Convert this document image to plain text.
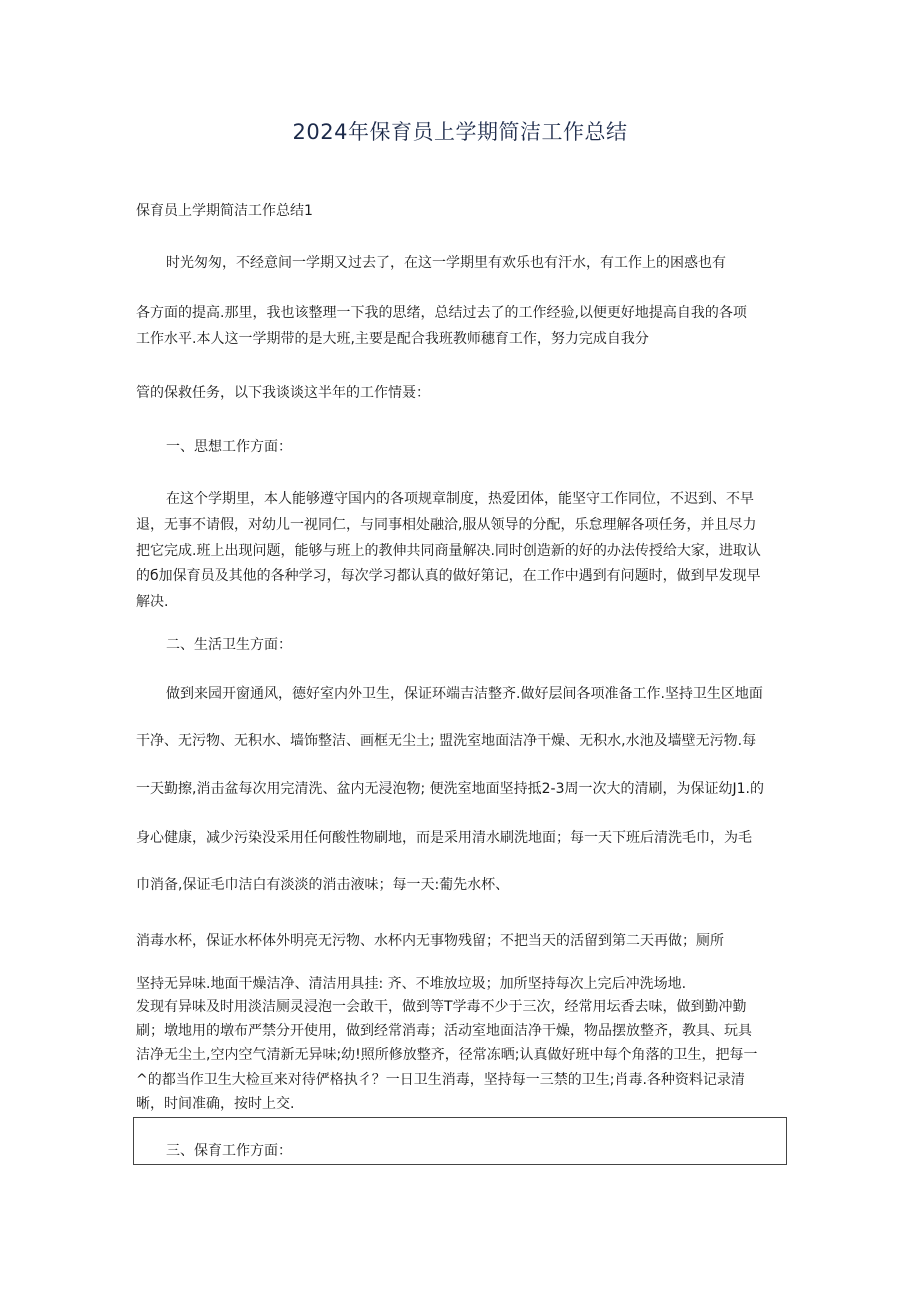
2024年保育员上学期简洁工作总结
保育员上学期简洁工作总结1
时光匆匆，不经意间一学期又过去了，在这一学期里有欢乐也有汗水，有工作上的困惑也有
各方面的提高.那里，我也该整理一下我的思绪，总结过去了的工作经验,以便更好地提高自我的各项
工作水平.本人这一学期带的是大班,主要是配合我班教师穗育工作，努力完成自我分
管的保救任务，以下我谈谈这半年的工作情聂：
一、思想工作方面：
在这个学期里，本人能够遵守国内的各项规章制度，热爱团体，能坚守工作同位，不迟到、不早
退，无事不请假，对幼儿一视同仁，与同事相处融洽,服从领导的分配，乐怠理解各项任务，并且尽力
把它完成.班上出现问题，能够与班上的教伸共同商量解决.同时创造新的好的办法传授给大家，进取认
的б加保育员及其他的各种学习，每次学习都认真的做好第记，在工作中遇到有问题时，做到早发现早
解决.
二、生活卫生方面：
做到来园开窗通风，德好室内外卫生，保证环端吉洁整齐.做好层间各项准备工作.坚持卫生区地面
干净、无污物、无积水、墙饰整洁、画框无尘土; 盟洗室地面洁净干燥、无积水,水池及墙壁无污物.每
一天勤擦,消击盆每次用完清洗、盆内无浸泡物; 便洗室地面坚持抵2-3周一次大的清刷，为保证幼J1.的
身心健康，减少污染没采用任何酸性物刷地，而是采用清水刷洗地面；每一天下班后清洗毛巾，为毛
巾消备,保证毛巾洁白有淡淡的消击液味；每一天:葡先水杯、
消毒水杯，保证水杯体外明亮无污物、水杯内无事物残留；不把当天的活留到第二天再做；厕所
坚持无异味.地面干燥洁净、清洁用具挂: 齐、不堆放垃圾；加所坚持每次上完后冲洗场地.
发现有异味及时用淡洁厕灵浸泡一会敢干，做到等T学毒不少于三次，经常用坛香去味，做到勤冲勤
刷；墩地用的墩布严禁分开使用，做到经常消毒；活动室地面洁净干燥，物品摆放整齐，教具、玩具
洁净无尘土,空内空气清新无异味;幼!照所修放整齐，径常冻晒;认真做好班中每个角落的卫生，把每一
^的都当作卫生大检亘来对待俨格执彳？一日卫生消毒，坚持每一三禁的卫生;肖毒.各种资料记录清
晰，时间准确，按时上交.
三、保育工作方面：
